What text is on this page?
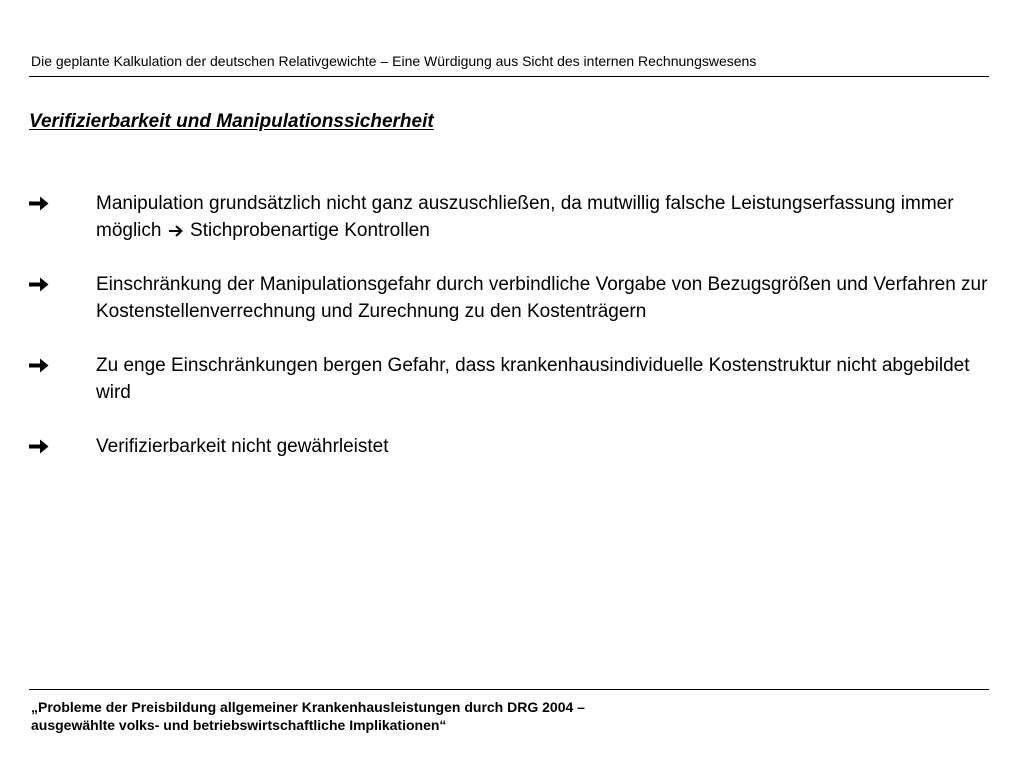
Die geplante Kalkulation der deutschen Relativgewichte – Eine Würdigung aus Sicht des internen Rechnungswesens
Verifizierbarkeit und Manipulationssicherheit
Manipulation grundsätzlich nicht ganz auszuschließen, da mutwillig falsche Leistungserfassung immer möglich Stichprobenartige Kontrollen
Einschränkung der Manipulationsgefahr durch verbindliche Vorgabe von Bezugsgrößen und Verfahren zur Kostenstellenverrechnung und Zurechnung zu den Kostenträgern
Zu enge Einschränkungen bergen Gefahr, dass krankenhausindividuelle Kostenstruktur nicht abgebildet wird
Verifizierbarkeit nicht gewährleistet
„Probleme der Preisbildung allgemeiner Krankenhausleistungen durch DRG 2004 –
ausgewählte volks- und betriebswirtschaftliche Implikationen“
